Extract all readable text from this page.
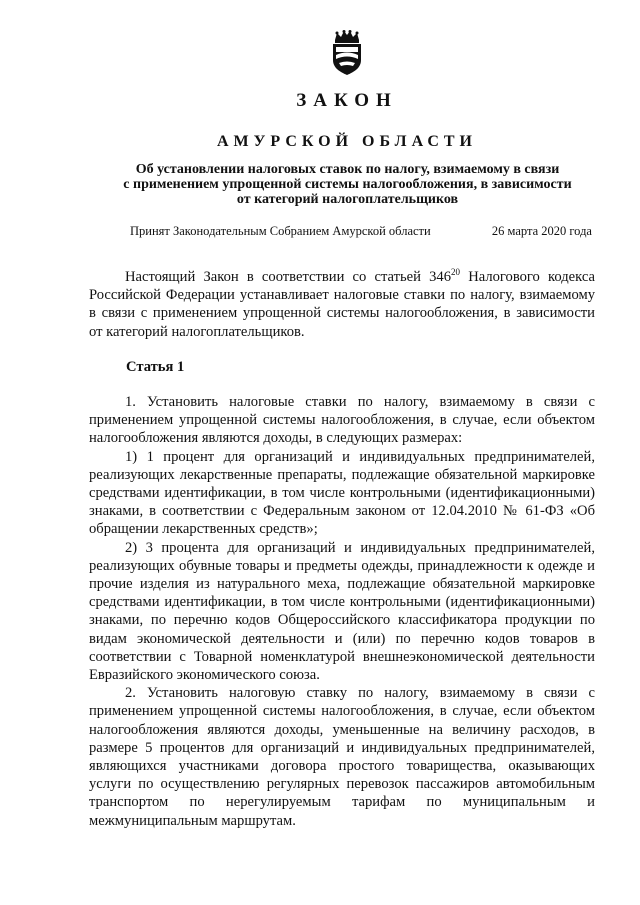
ЗАКОН
АМУРСКОЙ ОБЛАСТИ
Об установлении налоговых ставок по налогу, взимаемому в связи
с применением упрощенной системы налогообложения, в зависимости
от категорий налогоплательщиков
Принят Законодательным Собранием Амурской области	26 марта 2020 года

Настоящий Закон в соответствии со статьей $346^{20}$ Налогового кодекса Российской Федерации устанавливает налоговые ставки по налогу, взимаемому в связи с применением упрощенной системы налогообложения, в зависимости от категорий налогоплательщиков.

Статья 1

1. Установить налоговые ставки по налогу, взимаемому в связи с применением упрощенной системы налогообложения, в случае, если объектом налогообложения являются доходы, в следующих размерах:

1) 1 процент для организаций и индивидуальных предпринимателей, реализующих лекарственные препараты, подлежащие обязательной маркировке средствами идентификации, в том числе контрольными (идентификационными) знаками, в соответствии с Федеральным законом от 12.04.2010 № 61-ФЗ «Об обращении лекарственных средств»;

2) 3 процента для организаций и индивидуальных предпринимателей, реализующих обувные товары и предметы одежды, принадлежности к одежде и прочие изделия из натурального меха, подлежащие обязательной маркировке средствами идентификации, в том числе контрольными (идентификационными) знаками, по перечню кодов Общероссийского классификатора продукции по видам экономической деятельности и (или) по перечню кодов товаров в соответствии с Товарной номенклатурой внешнеэкономической деятельности Евразийского экономического союза.

2. Установить налоговую ставку по налогу, взимаемому в связи с применением упрощенной системы налогообложения, в случае, если объектом налогообложения являются доходы, уменьшенные на величину расходов, в размере 5 процентов для организаций и индивидуальных предпринимателей, являющихся участниками договора простого товарищества, оказывающих услуги по осуществлению регулярных перевозок пассажиров автомобильным транспортом по нерегулируемым тарифам по муниципальным и межмуниципальным маршрутам.
